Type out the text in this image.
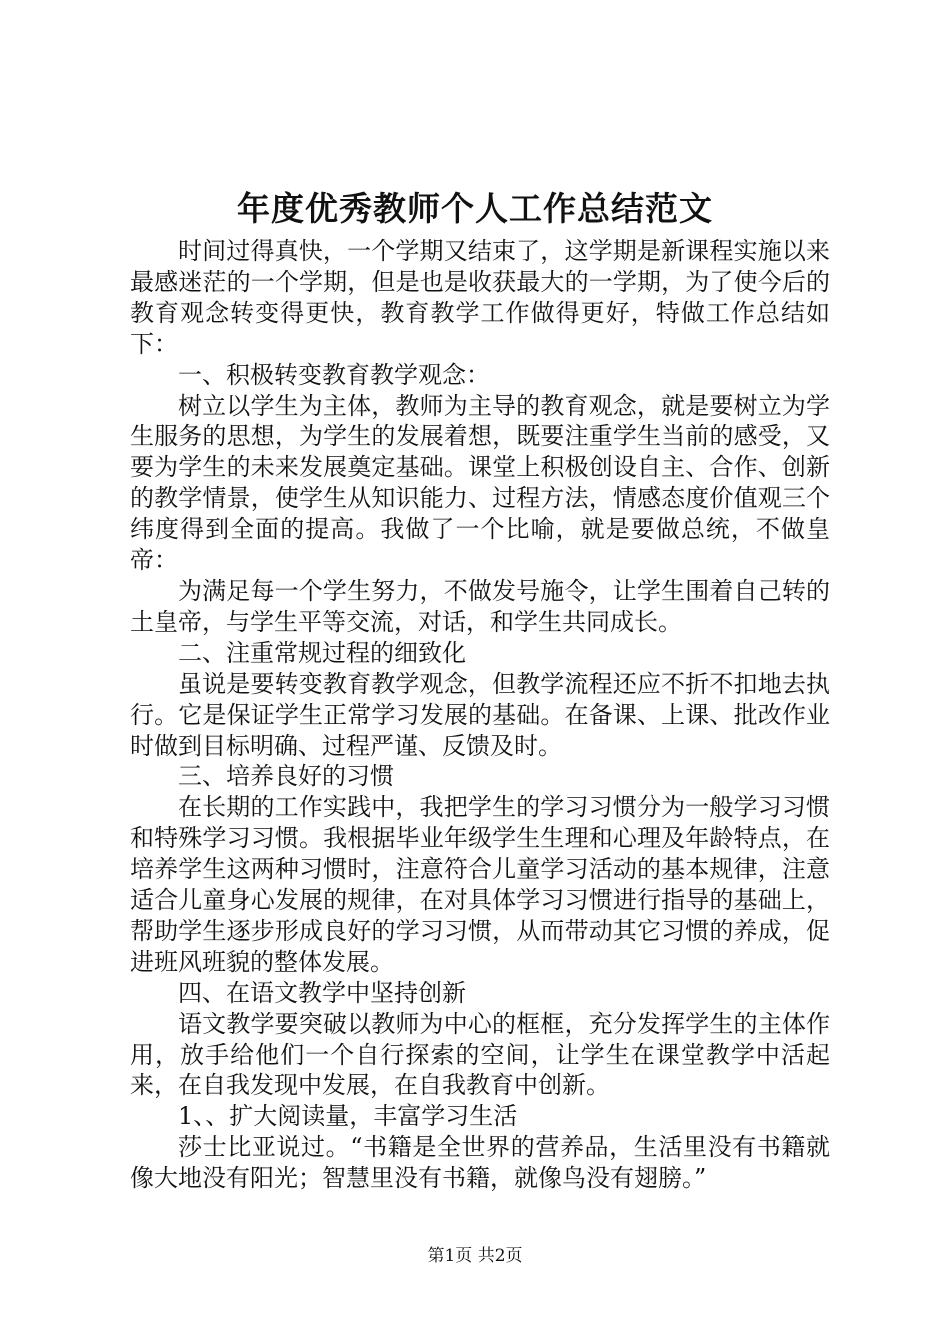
年度优秀教师个人工作总结范文

时间过得真快，一个学期又结束了，这学期是新课程实施以来最感迷茫的一个学期，但是也是收获最大的一学期，为了使今后的教育观念转变得更快，教育教学工作做得更好，特做工作总结如下：

一、积极转变教育教学观念：

树立以学生为主体，教师为主导的教育观念，就是要树立为学生服务的思想，为学生的发展着想，既要注重学生当前的感受，又要为学生的未来发展奠定基础。课堂上积极创设自主、合作、创新的教学情景，使学生从知识能力、过程方法，情感态度价值观三个纬度得到全面的提高。我做了一个比喻，就是要做总统，不做皇帝：

为满足每一个学生努力，不做发号施令，让学生围着自己转的土皇帝，与学生平等交流，对话，和学生共同成长。

二、注重常规过程的细致化

虽说是要转变教育教学观念，但教学流程还应不折不扣地去执行。它是保证学生正常学习发展的基础。在备课、上课、批改作业时做到目标明确、过程严谨、反馈及时。

三、培养良好的习惯

在长期的工作实践中，我把学生的学习习惯分为一般学习习惯和特殊学习习惯。我根据毕业年级学生生理和心理及年龄特点，在培养学生这两种习惯时，注意符合儿童学习活动的基本规律，注意适合儿童身心发展的规律，在对具体学习习惯进行指导的基础上，帮助学生逐步形成良好的学习习惯，从而带动其它习惯的养成，促进班风班貌的整体发展。

四、在语文教学中坚持创新

语文教学要突破以教师为中心的框框，充分发挥学生的主体作用，放手给他们一个自行探索的空间，让学生在课堂教学中活起来，在自我发现中发展，在自我教育中创新。

1、、扩大阅读量，丰富学习生活

莎士比亚说过。“书籍是全世界的营养品，生活里没有书籍就像大地没有阳光；智慧里没有书籍，就像鸟没有翅膀。”

第1页 共2页
